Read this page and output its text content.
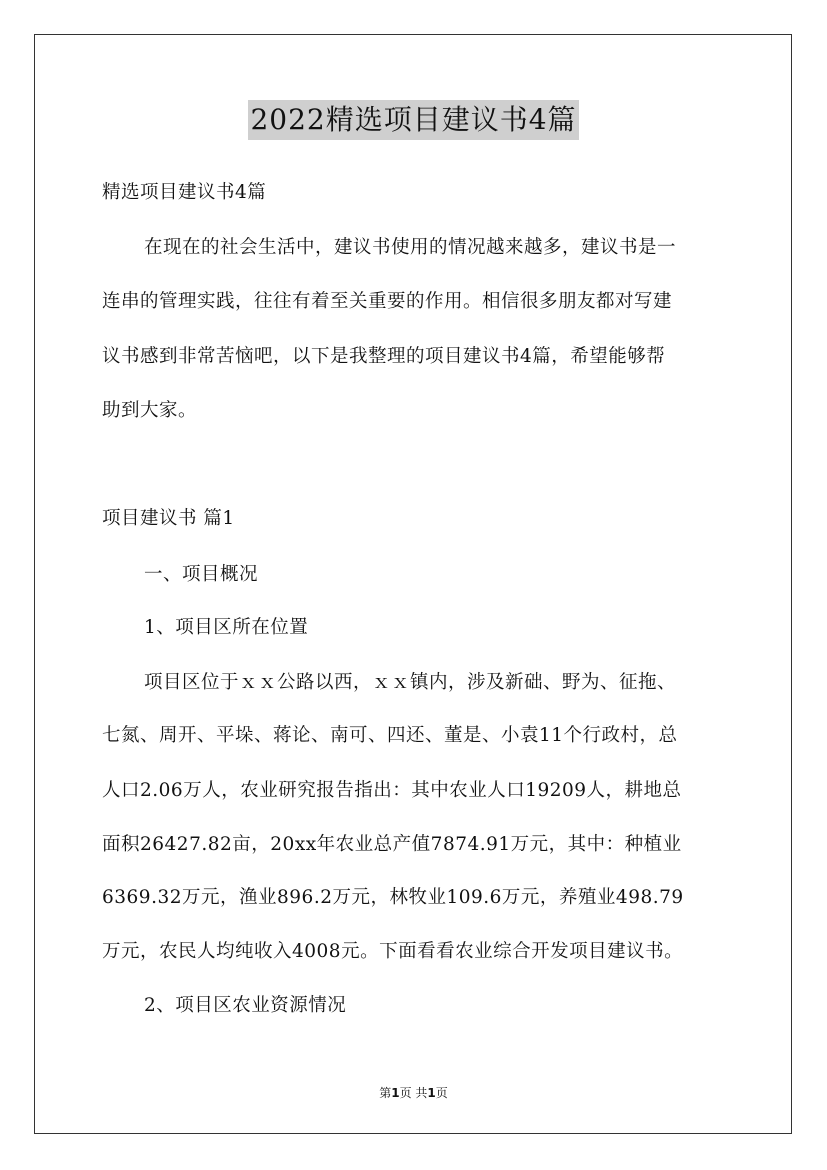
2022精选项目建议书4篇
精选项目建议书4篇
在现在的社会生活中，建议书使用的情况越来越多，建议书是一
连串的管理实践，往往有着至关重要的作用。相信很多朋友都对写建
议书感到非常苦恼吧，以下是我整理的项目建议书4篇，希望能够帮
助到大家。
项目建议书 篇1
一、项目概况
1、项目区所在位置
项目区位于ｘｘ公路以西，ｘｘ镇内，涉及新础、野为、征拖、
七氮、周开、平垛、蒋论、南可、四还、董是、小袁11个行政村，总
人口2.06万人，农业研究报告指出：其中农业人口19209人，耕地总
面积26427.82亩，20xx年农业总产值7874.91万元，其中：种植业
6369.32万元，渔业896.2万元，林牧业109.6万元，养殖业498.79
万元，农民人均纯收入4008元。下面看看农业综合开发项目建议书。
2、项目区农业资源情况
第1页 共1页
